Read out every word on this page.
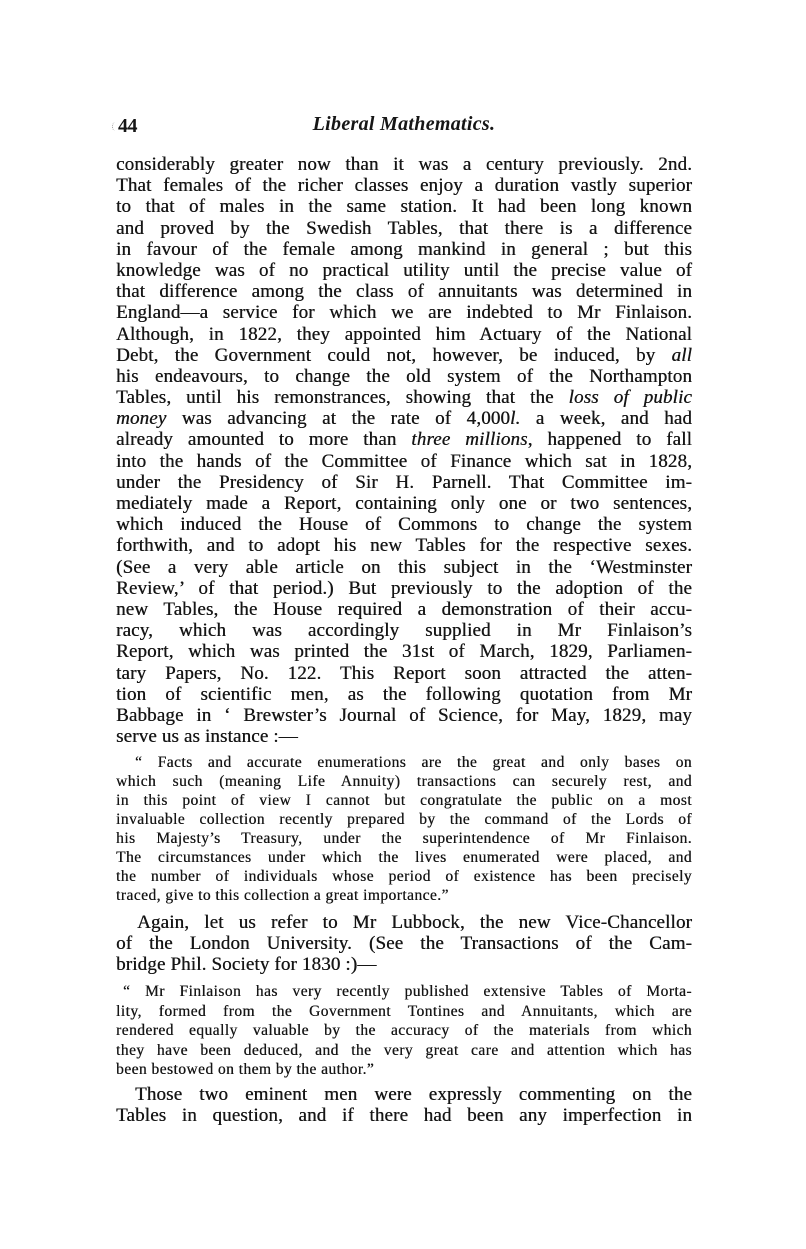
44	Liberal Mathematics.
considerably greater now than it was a century previously. 2nd.
That females of the richer classes enjoy a duration vastly superior
to that of males in the same station. It had been long known
and proved by the Swedish Tables, that there is a difference
in favour of the female among mankind in general ; but this
knowledge was of no practical utility until the precise value of
that difference among the class of annuitants was determined in
England—a service for which we are indebted to Mr Finlaison.
Although, in 1822, they appointed him Actuary of the National
Debt, the Government could not, however, be induced, by all
his endeavours, to change the old system of the Northampton
Tables, until his remonstrances, showing that the loss of public
money was advancing at the rate of 4,000l. a week, and had
already amounted to more than three millions, happened to fall
into the hands of the Committee of Finance which sat in 1828,
under the Presidency of Sir H. Parnell. That Committee im-
mediately made a Report, containing only one or two sentences,
which induced the House of Commons to change the system
forthwith, and to adopt his new Tables for the respective sexes.
(See a very able article on this subject in the ‘Westminster
Review,’ of that period.) But previously to the adoption of the
new Tables, the House required a demonstration of their accu-
racy, which was accordingly supplied in Mr Finlaison’s
Report, which was printed the 31st of March, 1829, Parliamen-
tary Papers, No. 122. This Report soon attracted the atten-
tion of scientific men, as the following quotation from Mr
Babbage in ‘ Brewster’s Journal of Science, for May, 1829, may
serve us as instance :—
“ Facts and accurate enumerations are the great and only bases on
which such (meaning Life Annuity) transactions can securely rest, and
in this point of view I cannot but congratulate the public on a most
invaluable collection recently prepared by the command of the Lords of
his Majesty’s Treasury, under the superintendence of Mr Finlaison.
The circumstances under which the lives enumerated were placed, and
the number of individuals whose period of existence has been precisely
traced, give to this collection a great importance.”
Again, let us refer to Mr Lubbock, the new Vice-Chancellor
of the London University. (See the Transactions of the Cam-
bridge Phil. Society for 1830 :)—
“ Mr Finlaison has very recently published extensive Tables of Morta-
lity, formed from the Government Tontines and Annuitants, which are
rendered equally valuable by the accuracy of the materials from which
they have been deduced, and the very great care and attention which has
been bestowed on them by the author.”
Those two eminent men were expressly commenting on the
Tables in question, and if there had been any imperfection in
